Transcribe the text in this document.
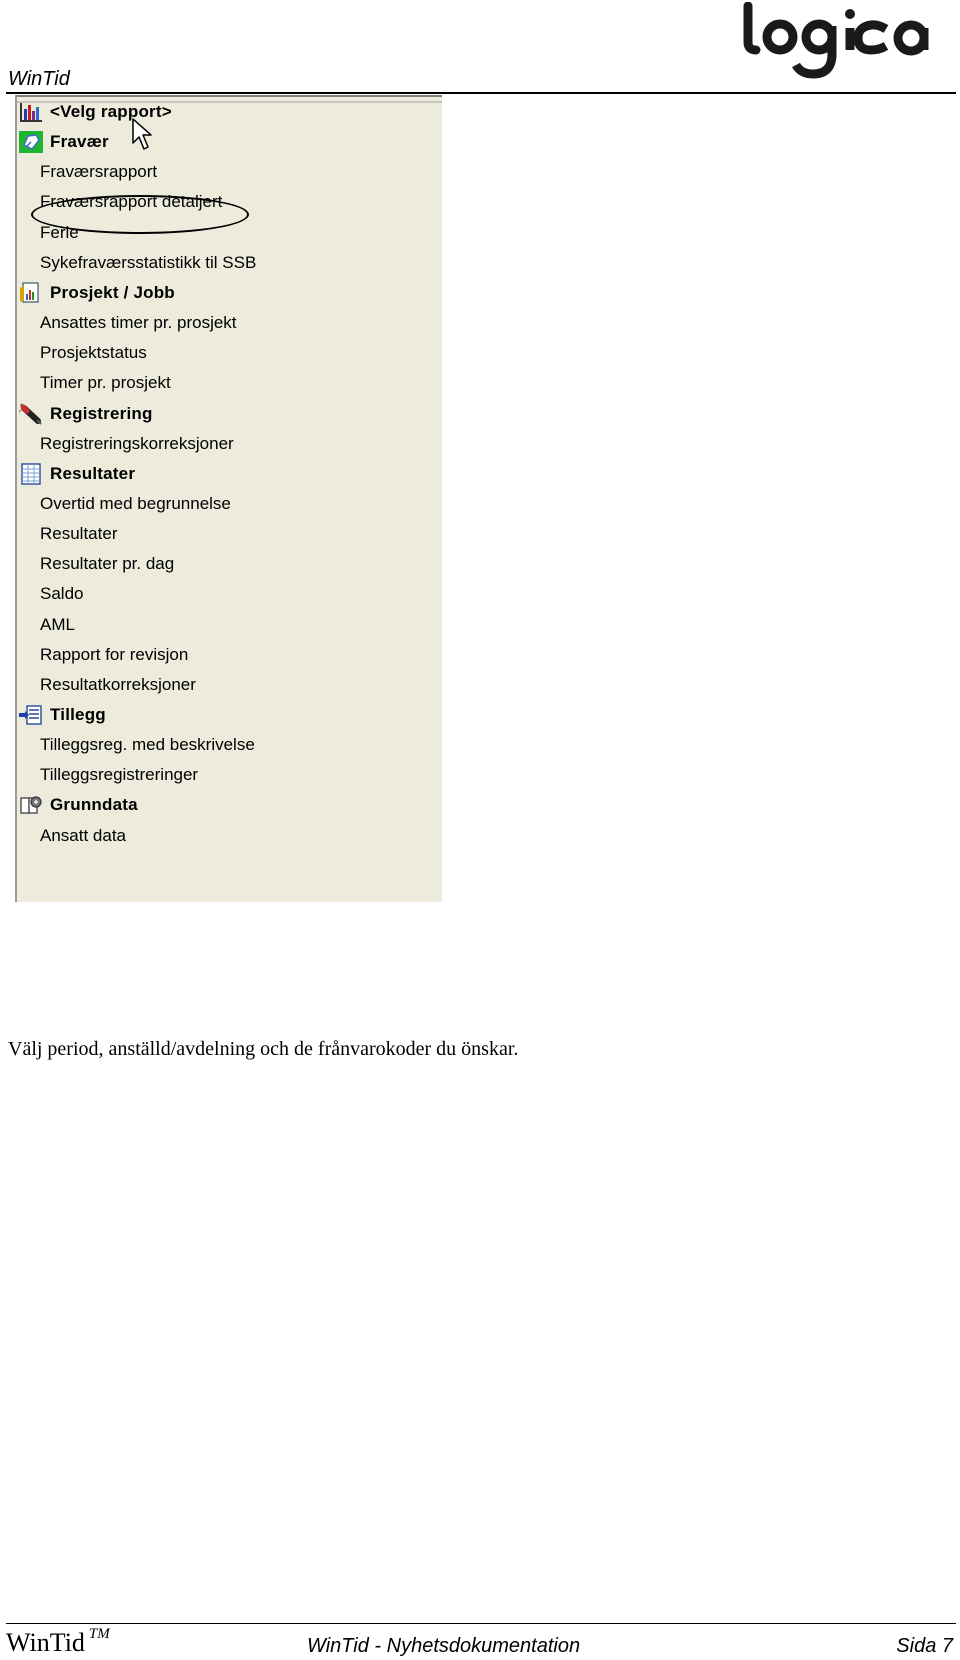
WinTid
<Velg rapport>
Fravær
Fraværsrapport
Fraværsrapport detaljert
Ferie
Sykefraværsstatistikk til SSB
Prosjekt / Jobb
Ansattes timer pr. prosjekt
Prosjektstatus
Timer pr. prosjekt
Registrering
Registreringskorreksjoner
Resultater
Overtid med begrunnelse
Resultater
Resultater pr. dag
Saldo
AML
Rapport for revisjon
Resultatkorreksjoner
Tillegg
Tilleggsreg. med beskrivelse
Tilleggsregistreringer
Grunndata
Ansatt data
Välj period, anställd/avdelning och de frånvarokoder du önskar.
WinTid ™
WinTid - Nyhetsdokumentation	Sida 7
